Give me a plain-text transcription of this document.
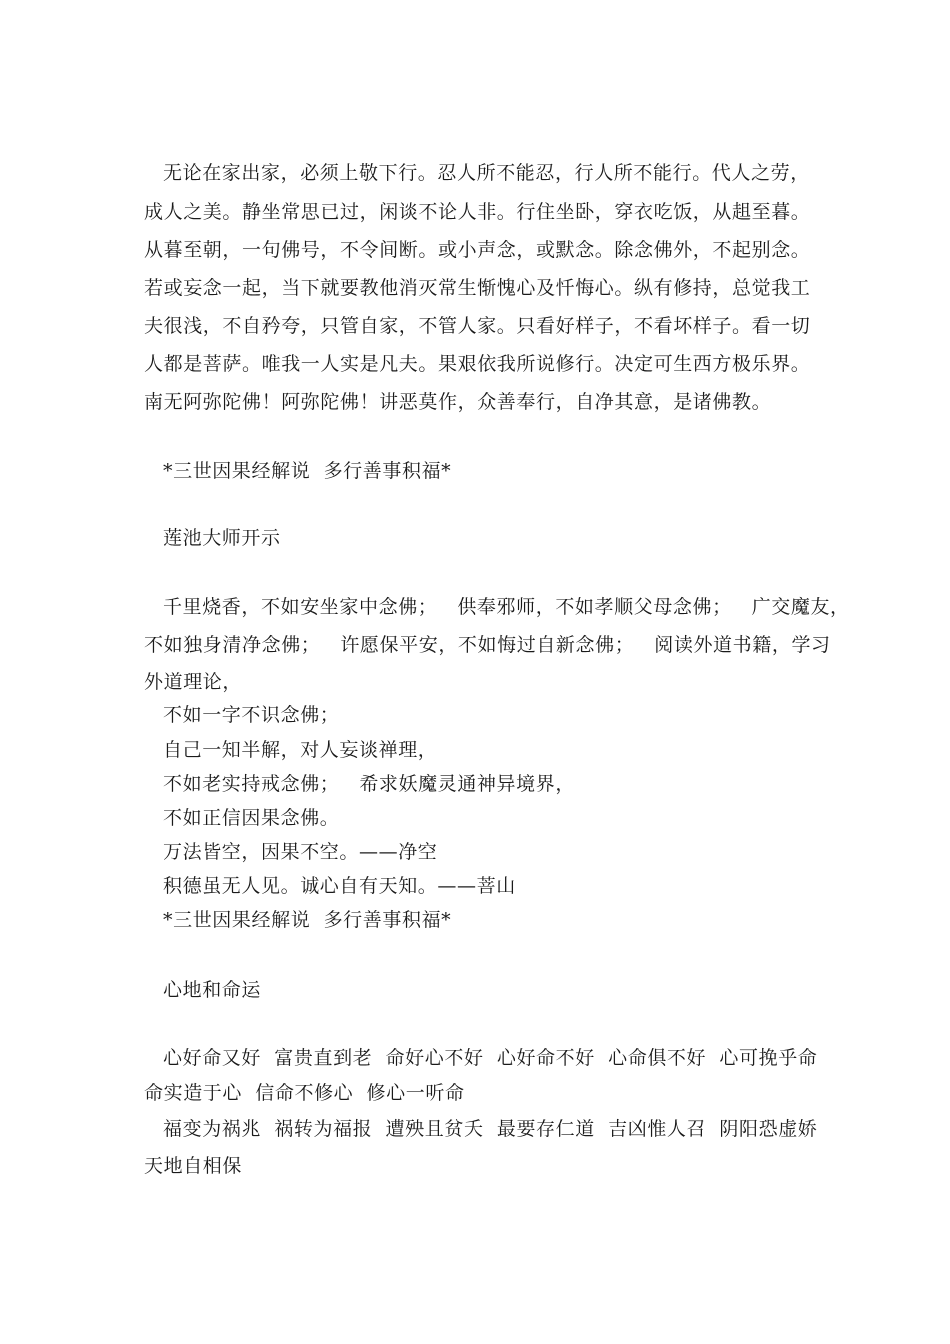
无论在家出家，必须上敬下行。忍人所不能忍，行人所不能行。代人之劳，
成人之美。静坐常思已过，闲谈不论人非。行住坐卧，穿衣吃饭，从趄至暮。
从暮至朝，一句佛号，不令间断。或小声念，或默念。除念佛外，不起别念。
若或妄念一起，当下就要教他消灭常生惭愧心及忏悔心。纵有修持，总觉我工
夫很浅，不自矜夸，只管自家，不管人家。只看好样子，不看坏样子。看一切
人都是菩萨。唯我一人实是凡夫。果艰依我所说修行。决定可生西方极乐界。
南无阿弥陀佛！阿弥陀佛！讲恶莫作，众善奉行，自净其意，是诸佛教。
*三世因果经解说  多行善事积福*
莲池大师开示
千里烧香，不如安坐家中念佛；   供奉邪师，不如孝顺父母念佛；   广交魔友，
不如独身清净念佛；   许愿保平安，不如悔过自新念佛；   阅读外道书籍，学习
外道理论，
不如一字不识念佛；
自己一知半解，对人妄谈禅理，
不如老实持戒念佛；   希求妖魔灵通神异境界，
不如正信因果念佛。
万法皆空，因果不空。——净空
积德虽无人见。诚心自有天知。——菩山
*三世因果经解说  多行善事积福*
心地和命运
心好命又好  富贵直到老  命好心不好  心好命不好  心命俱不好  心可挽乎命
命实造于心  信命不修心  修心一听命
福变为祸兆  祸转为福报  遭殃且贫夭  最要存仁道  吉凶惟人召  阴阳恐虚娇
天地自相保
